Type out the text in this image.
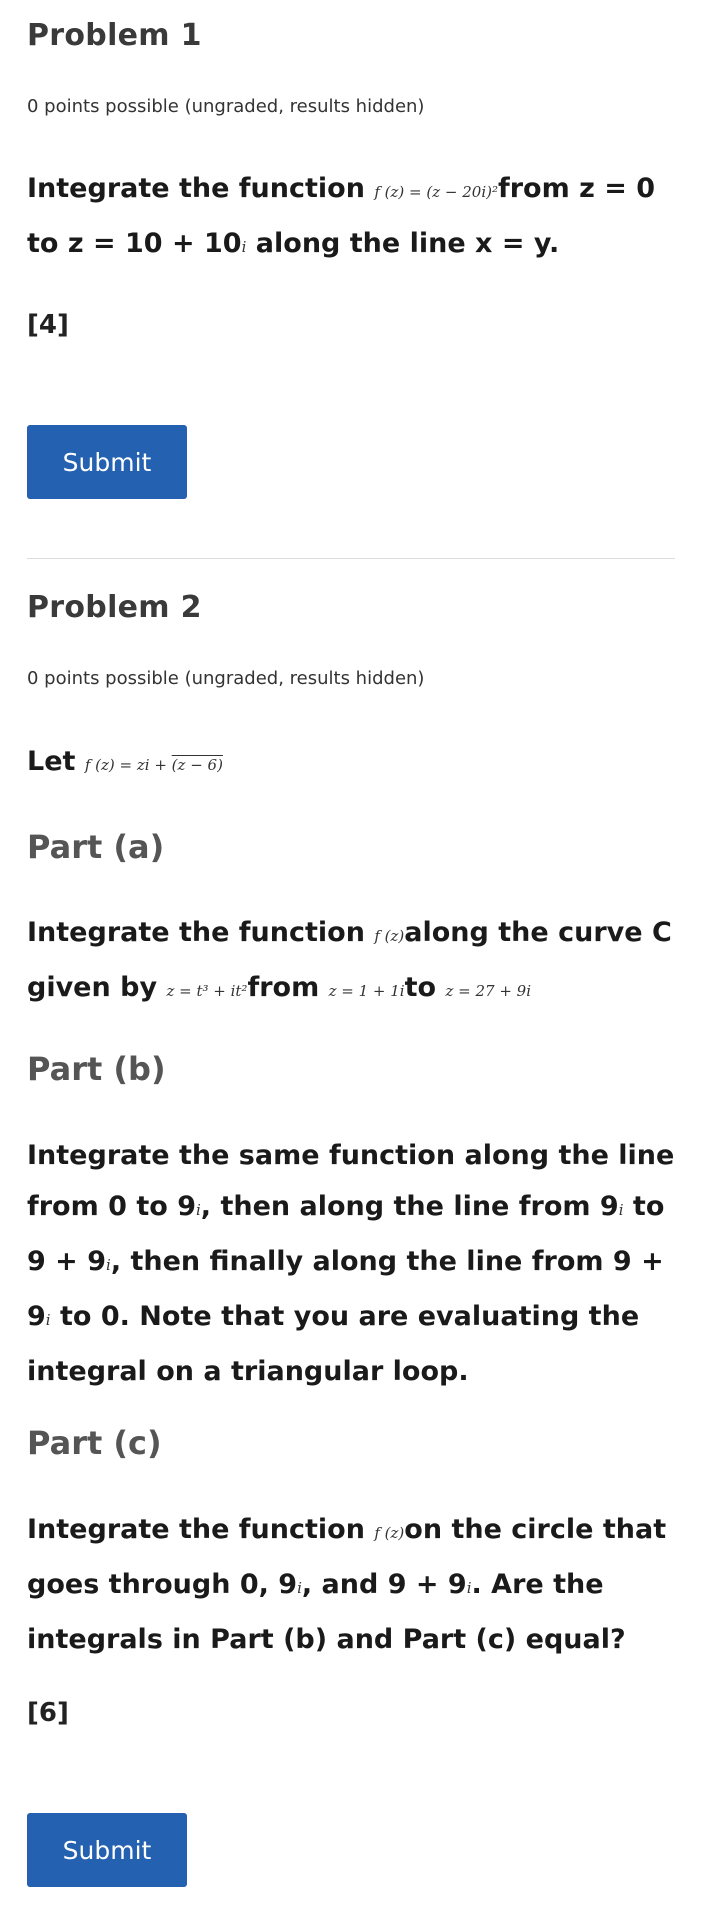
Problem 1

0 points possible (ungraded, results hidden)

Integrate the function f (z) = (z − 20i)²from z = 0 to z = 10 + 10i along the line x = y.

[4]

Submit
Problem 2

0 points possible (ungraded, results hidden)

Let f (z) = zi + (z − 6)

Part (a)

Integrate the function f (z)along the curve C given by z = t³ + it²from z = 1 + 1ito z = 27 + 9i

Part (b)

Integrate the same function along the line from 0 to 9i, then along the line from 9i to 9 + 9i, then finally along the line from 9 + 9i to 0. Note that you are evaluating the integral on a triangular loop.

Part (c)

Integrate the function f (z)on the circle that goes through 0, 9i, and 9 + 9i. Are the integrals in Part (b) and Part (c) equal?

[6]

Submit
